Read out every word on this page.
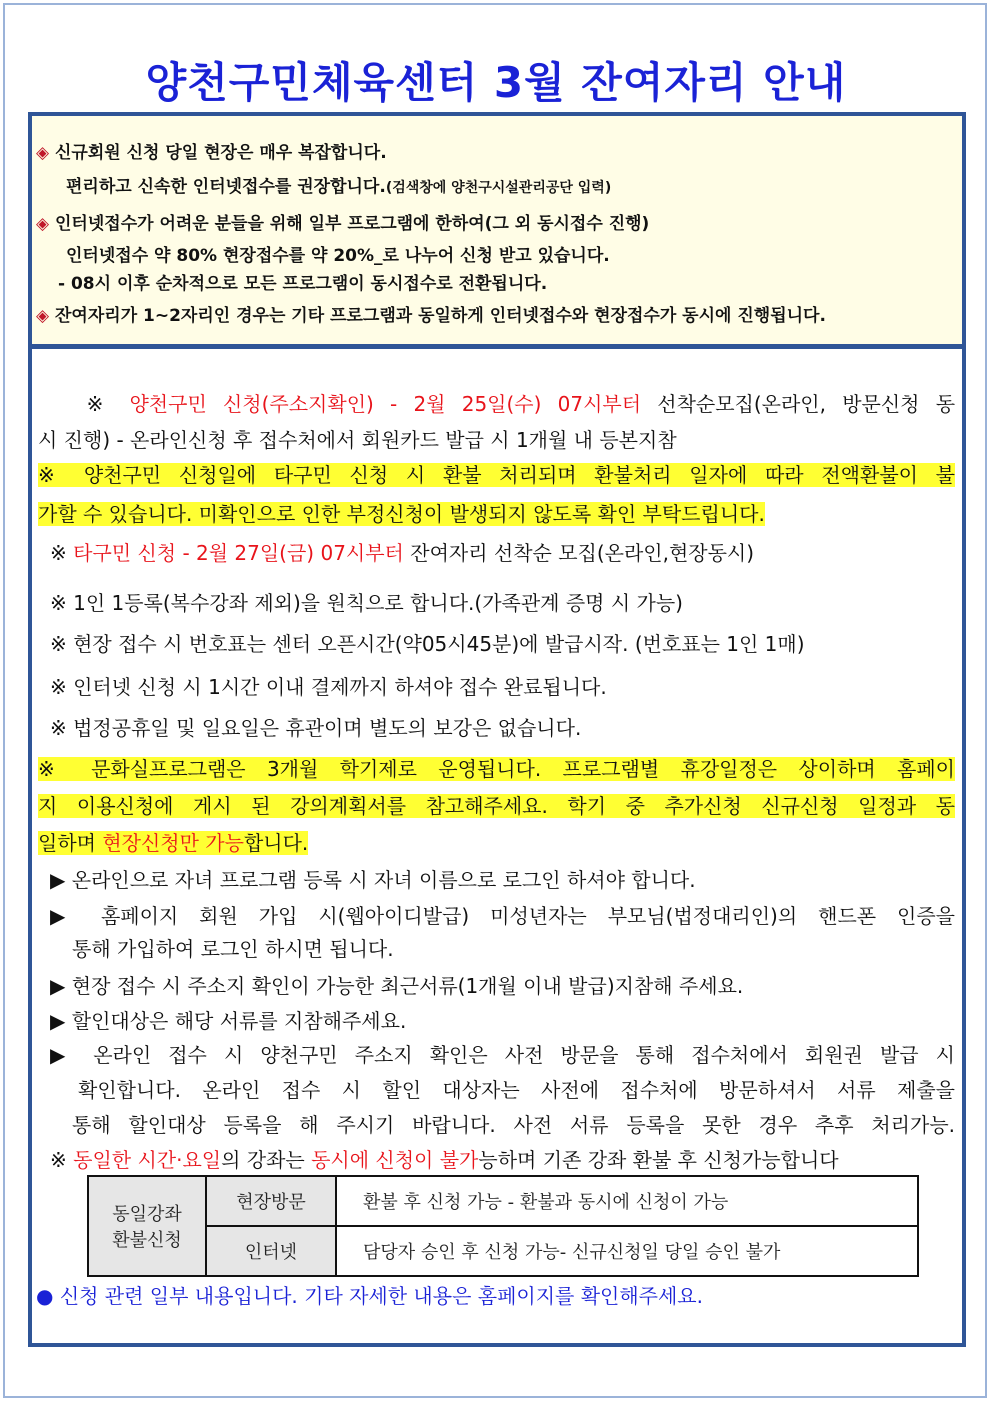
양천구민체육센터 3월 잔여자리 안내
◈ 신규회원 신청 당일 현장은 매우 복잡합니다.
편리하고 신속한 인터넷접수를 권장합니다.(검색창에 양천구시설관리공단 입력)
◈ 인터넷접수가 어려운 분들을 위해 일부 프로그램에 한하여(그 외 동시접수 진행)
인터넷접수 약 80% 현장접수를 약 20%_로 나누어 신청 받고 있습니다.
- 08시 이후 순차적으로 모든 프로그램이 동시접수로 전환됩니다.
◈ 잔여자리가 1~2자리인 경우는 기타 프로그램과 동일하게 인터넷접수와 현장접수가 동시에 진행됩니다.
※ 양천구민 신청(주소지확인) - 2월 25일(수) 07시부터 선착순모집(온라인, 방문신청 동
시 진행) - 온라인신청 후 접수처에서 회원카드 발급 시 1개월 내 등본지참
※ 양천구민 신청일에 타구민 신청 시 환불 처리되며 환불처리 일자에 따라 전액환불이 불
가할 수 있습니다. 미확인으로 인한 부정신청이 발생되지 않도록 확인 부탁드립니다.
※ 타구민 신청 - 2월 27일(금) 07시부터 잔여자리 선착순 모집(온라인,현장동시)
※ 1인 1등록(복수강좌 제외)을 원칙으로 합니다.(가족관계 증명 시 가능)
※ 현장 접수 시 번호표는 센터 오픈시간(약05시45분)에 발급시작. (번호표는 1인 1매)
※ 인터넷 신청 시 1시간 이내 결제까지 하셔야 접수 완료됩니다.
※ 법정공휴일 및 일요일은 휴관이며 별도의 보강은 없습니다.
※ 문화실프로그램은 3개월 학기제로 운영됩니다. 프로그램별 휴강일정은 상이하며 홈페이
지 이용신청에 게시 된 강의계획서를 참고해주세요. 학기 중 추가신청 신규신청 일정과 동
일하며 현장신청만 가능합니다.
▶ 온라인으로 자녀 프로그램 등록 시 자녀 이름으로 로그인 하셔야 합니다.
▶ 홈페이지 회원 가입 시(웹아이디발급) 미성년자는 부모님(법정대리인)의 핸드폰 인증을
통해 가입하여 로그인 하시면 됩니다.
▶ 현장 접수 시 주소지 확인이 가능한 최근서류(1개월 이내 발급)지참해 주세요.
▶ 할인대상은 해당 서류를 지참해주세요.
▶ 온라인 접수 시 양천구민 주소지 확인은 사전 방문을 통해 접수처에서 회원권 발급 시
확인합니다. 온라인 접수 시 할인 대상자는 사전에 접수처에 방문하셔서 서류 제출을
통해 할인대상 등록을 해 주시기 바랍니다. 사전 서류 등록을 못한 경우 추후 처리가능.
※ 동일한 시간·요일의 강좌는 동시에 신청이 불가능하며 기존 강좌 환불 후 신청가능합니다
동일강좌
환불신청	현장방문	환불 후 신청 가능 - 환불과 동시에 신청이 가능
	인터넷	담당자 승인 후 신청 가능- 신규신청일 당일 승인 불가
● 신청 관련 일부 내용입니다. 기타 자세한 내용은 홈페이지를 확인해주세요.
